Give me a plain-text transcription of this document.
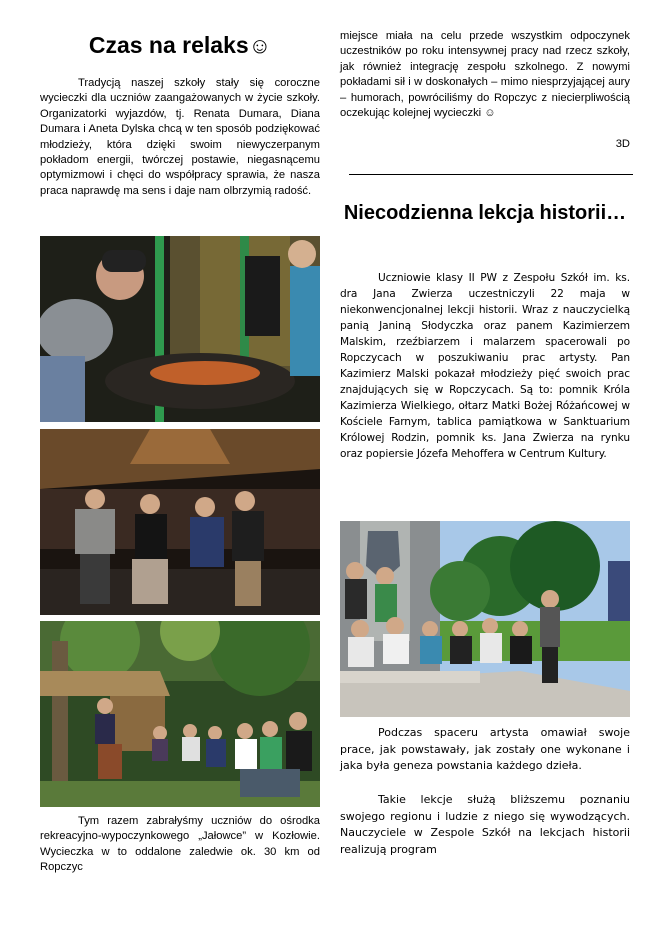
Czas na relaks☺

Tradycją naszej szkoły stały się coroczne wycieczki dla uczniów zaangażowanych w życie szkoły. Organizatorki wyjazdów, tj. Renata Dumara, Diana Dumara i Aneta Dylska chcą w ten sposób podziękować młodzieży, która dzięki swoim niewyczerpanym pokładom energii, twórczej postawie, niegasnącemu optymizmowi i chęci do współpracy sprawia, że nasza praca naprawdę ma sens i daje nam olbrzymią radość.

Tym razem zabrałyśmy uczniów do ośrodka rekreacyjno-wypoczynkowego „Jałowce” w Kozłowie. Wycieczka w to oddalone zaledwie ok. 30 km od Ropczyc

miejsce miała na celu przede wszystkim odpoczynek uczestników po roku intensywnej pracy nad rzecz szkoły, jak również integrację zespołu szkolnego. Z nowymi pokładami sił i w doskonałych – mimo niesprzyjającej aury – humorach, powróciliśmy do Ropczyc z niecierpliwością oczekując kolejnej wycieczki ☺

3D
Niecodzienna lekcja historii…

Uczniowie klasy II PW z Zespołu Szkół im. ks. dra Jana Zwierza uczestniczyli 22 maja w niekonwencjonalnej lekcji historii. Wraz z nauczycielką panią Janiną Słodyczka oraz panem Kazimierzem Malskim, rzeźbiarzem i malarzem spacerowali po Ropczycach w poszukiwaniu prac artysty. Pan Kazimierz Malski pokazał młodzieży pięć swoich prac znajdujących się w Ropczycach. Są to: pomnik Króla Kazimierza Wielkiego, ołtarz Matki Bożej Różańcowej w Kościele Farnym, tablica pamiątkowa w Sanktuarium Królowej Rodzin, pomnik ks. Jana Zwierza na rynku oraz popiersie Józefa Mehoffera w Centrum Kultury.

Podczas spaceru artysta omawiał swoje prace, jak powstawały, jak zostały one wykonane i jaka była geneza powstania każdego dzieła.

Takie lekcje służą bliższemu poznaniu swojego regionu i ludzie z niego się wywodzących. Nauczyciele w Zespole Szkół na lekcjach historii realizują program
